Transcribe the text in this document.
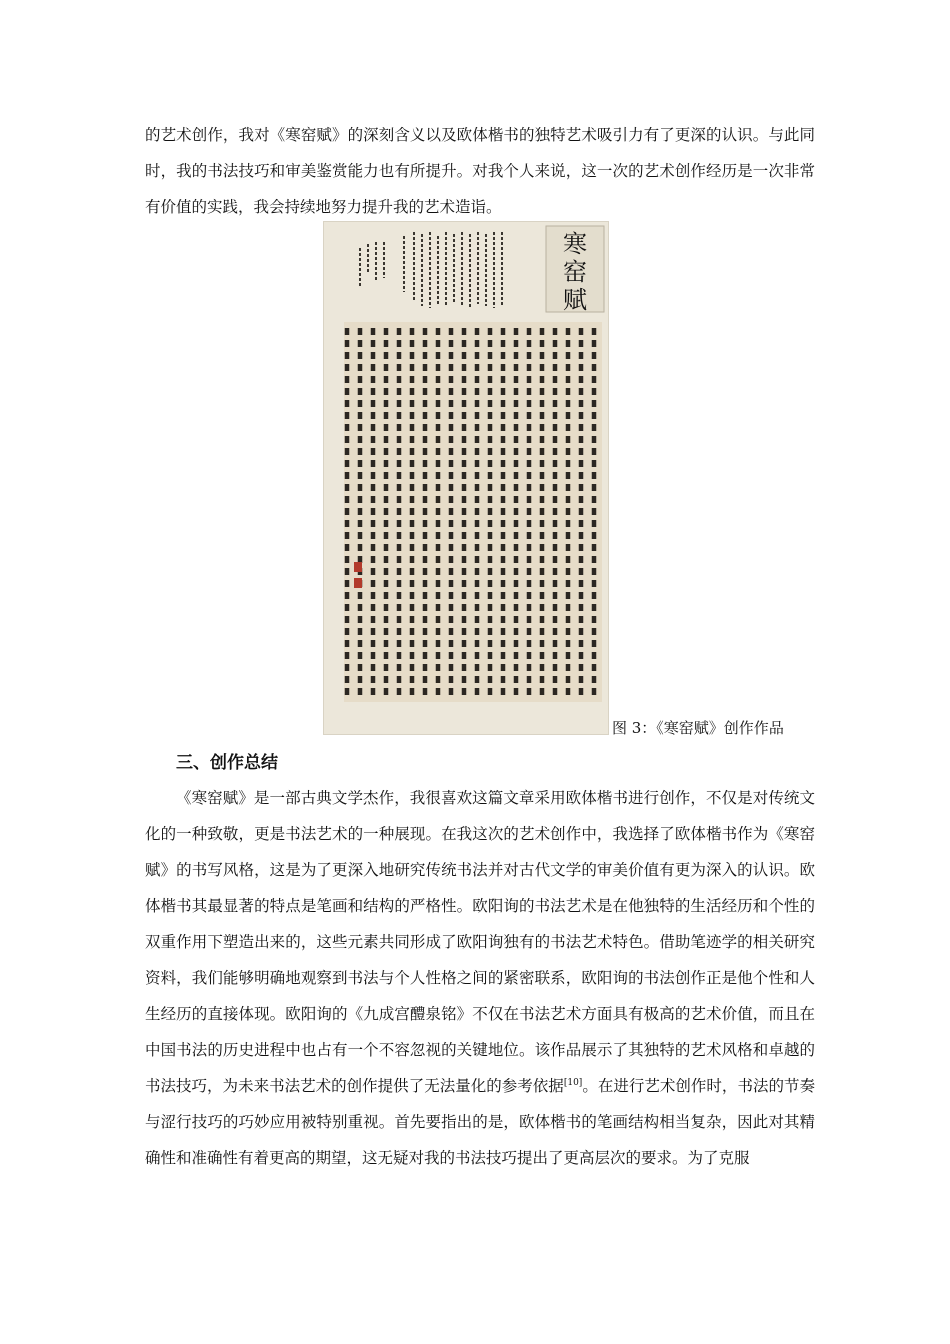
的艺术创作，我对《寒窑赋》的深刻含义以及欧体楷书的独特艺术吸引力有了更深的认识。与此同时，我的书法技巧和审美鉴赏能力也有所提升。对我个人来说，这一次的艺术创作经历是一次非常有价值的实践，我会持续地努力提升我的艺术造诣。

寒
窑
赋

图 3：《寒窑赋》创作作品

三、创作总结

《寒窑赋》是一部古典文学杰作，我很喜欢这篇文章采用欧体楷书进行创作，不仅是对传统文化的一种致敬，更是书法艺术的一种展现。在我这次的艺术创作中，我选择了欧体楷书作为《寒窑赋》的书写风格，这是为了更深入地研究传统书法并对古代文学的审美价值有更为深入的认识。欧体楷书其最显著的特点是笔画和结构的严格性。欧阳询的书法艺术是在他独特的生活经历和个性的双重作用下塑造出来的，这些元素共同形成了欧阳询独有的书法艺术特色。借助笔迹学的相关研究资料，我们能够明确地观察到书法与个人性格之间的紧密联系，欧阳询的书法创作正是他个性和人生经历的直接体现。欧阳询的《九成宫醴泉铭》不仅在书法艺术方面具有极高的艺术价值，而且在中国书法的历史进程中也占有一个不容忽视的关键地位。该作品展示了其独特的艺术风格和卓越的书法技巧，为未来书法艺术的创作提供了无法量化的参考依据[10]。在进行艺术创作时，书法的节奏与涩行技巧的巧妙应用被特别重视。首先要指出的是，欧体楷书的笔画结构相当复杂，因此对其精确性和准确性有着更高的期望，这无疑对我的书法技巧提出了更高层次的要求。为了克服
